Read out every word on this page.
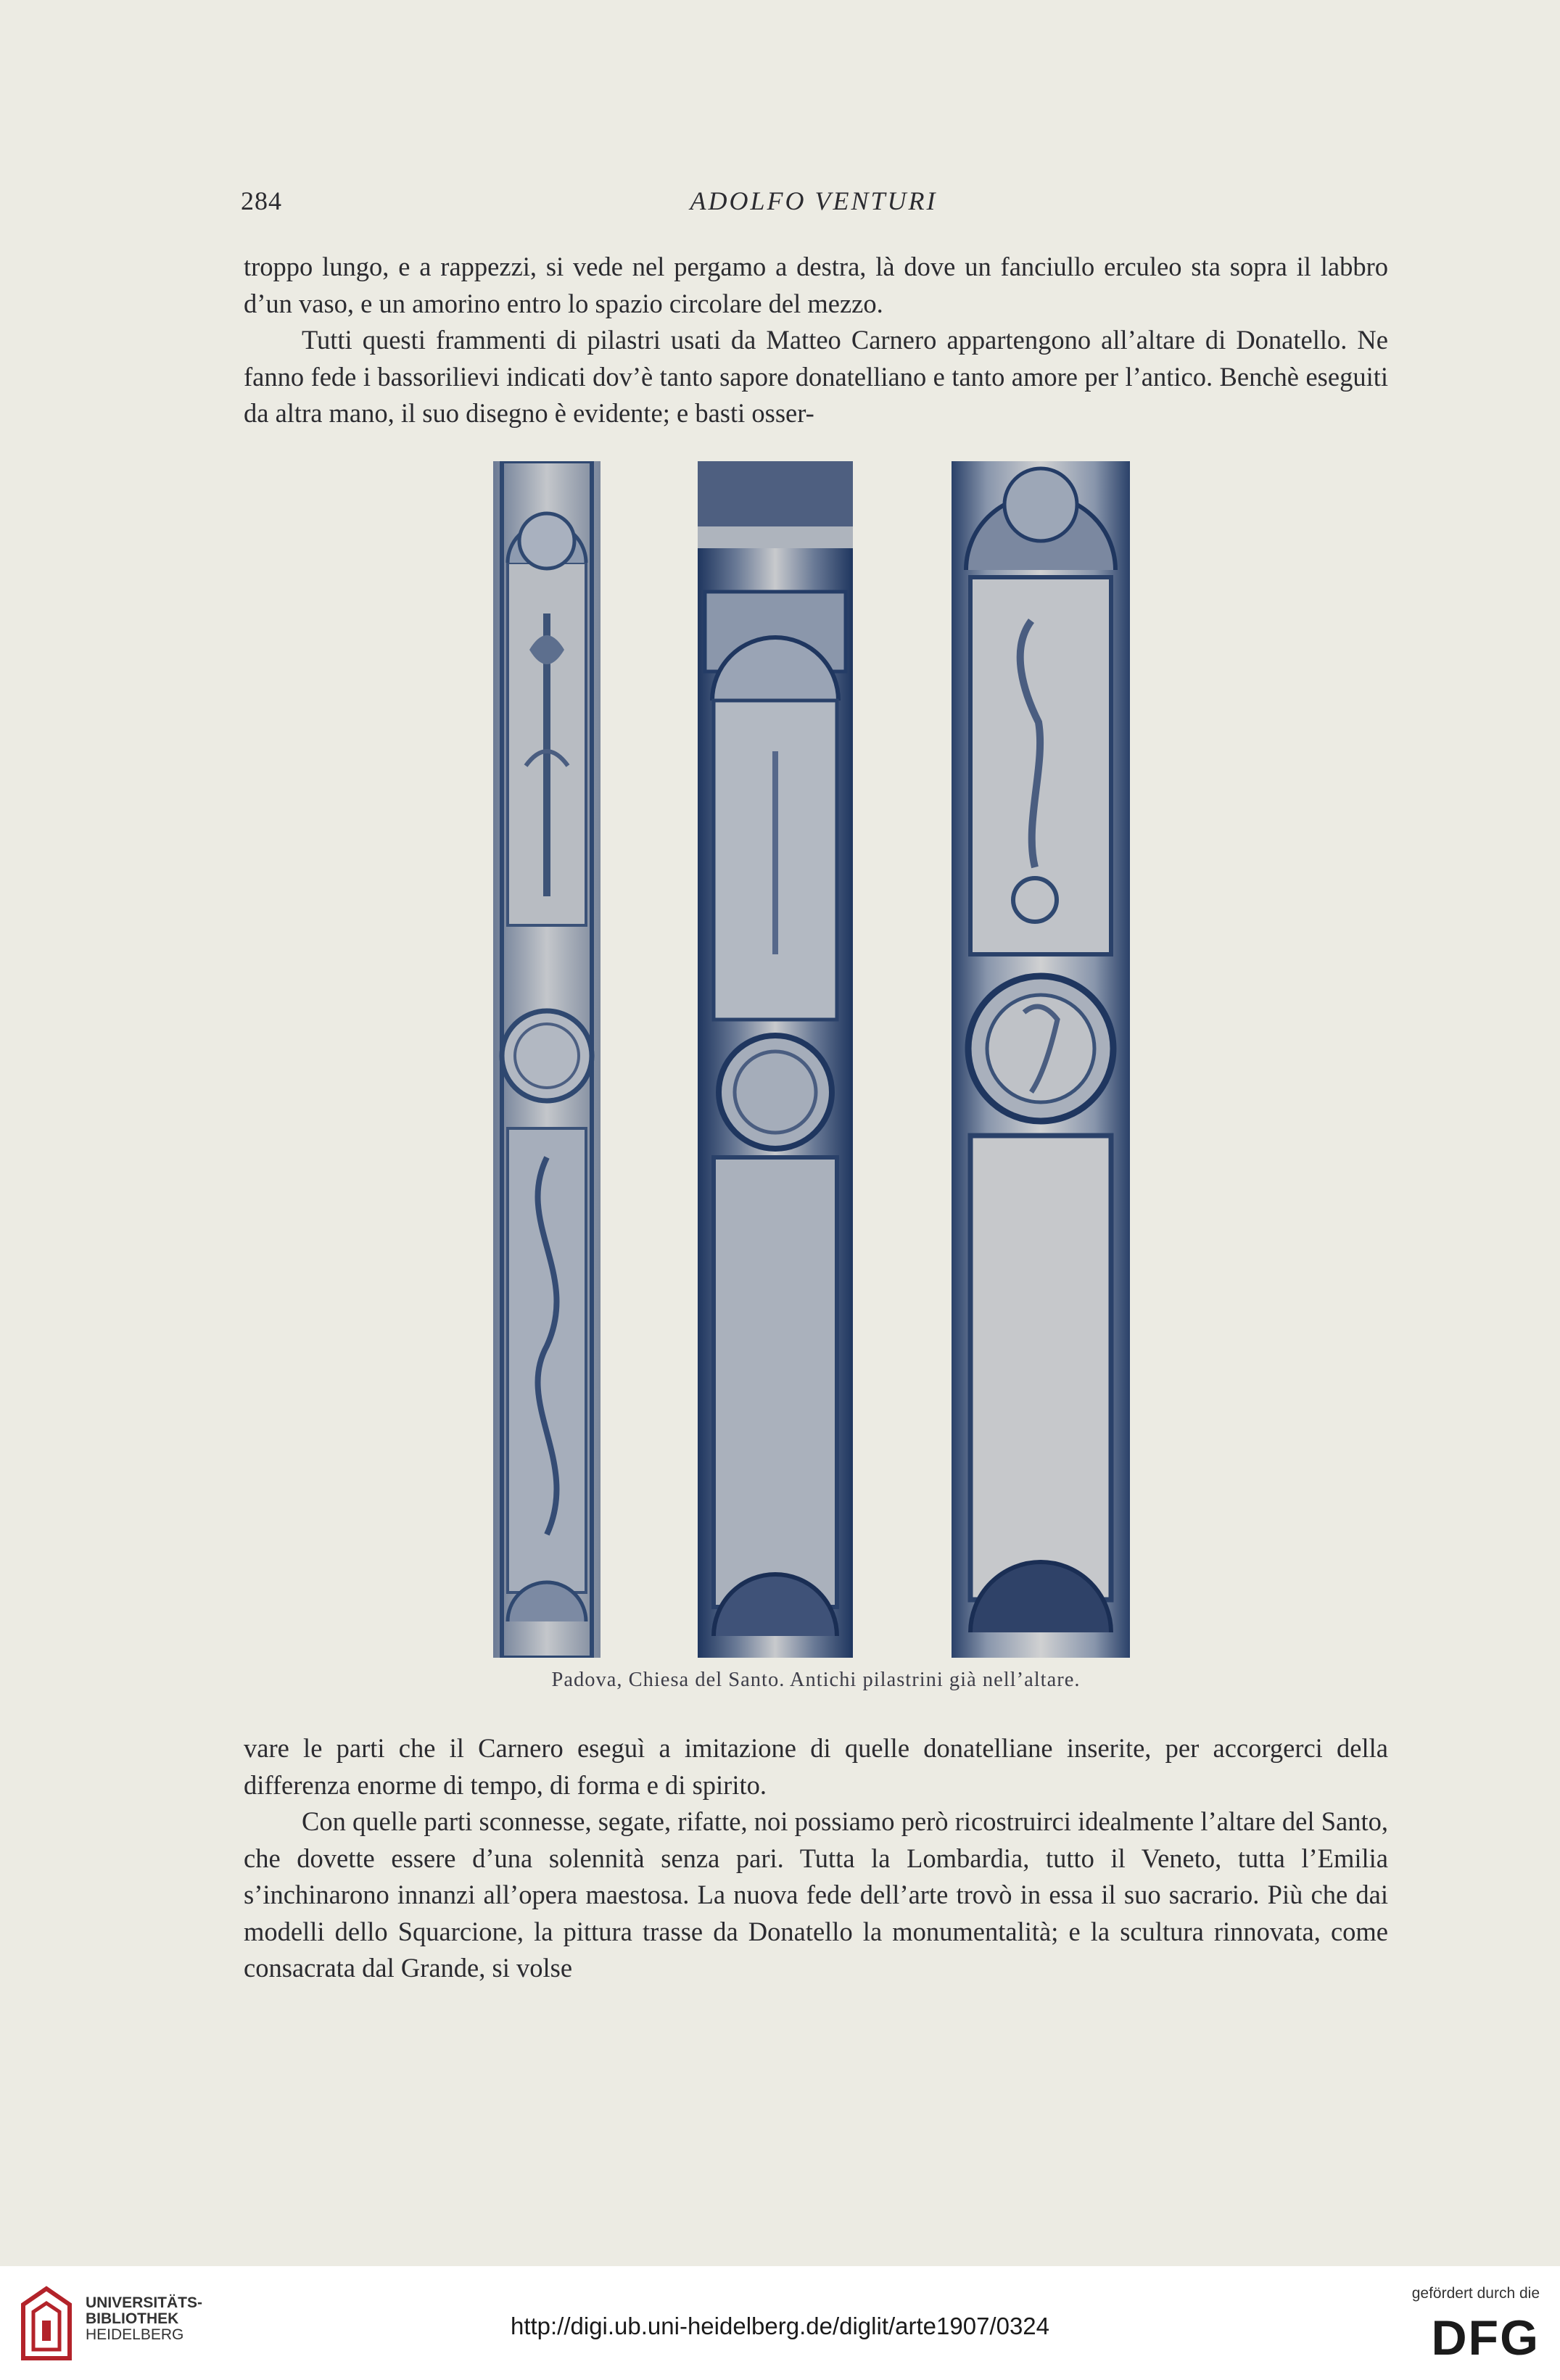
284	ADOLFO VENTURI

troppo lungo, e a rappezzi, si vede nel pergamo a destra, là dove un fanciullo erculeo sta sopra il labbro d’un vaso, e un amorino entro lo spazio circolare del mezzo.

Tutti questi frammenti di pilastri usati da Matteo Carnero appartengono all’altare di Donatello. Ne fanno fede i bassorilievi indicati dov’è tanto sapore donatelliano e tanto amore per l’antico. Benchè eseguiti da altra mano, il suo disegno è evidente; e basti osser-

Padova, Chiesa del Santo. Antichi pilastrini già nell’altare.

vare le parti che il Carnero eseguì a imitazione di quelle donatelliane inserite, per accorgerci della differenza enorme di tempo, di forma e di spirito.

Con quelle parti sconnesse, segate, rifatte, noi possiamo però ricostruirci idealmente l’altare del Santo, che dovette essere d’una solennità senza pari. Tutta la Lombardia, tutto il Veneto, tutta l’Emilia s’inchinarono innanzi all’opera maestosa. La nuova fede dell’arte trovò in essa il suo sacrario. Più che dai modelli dello Squarcione, la pittura trasse da Donatello la monumentalità; e la scultura rinnovata, come consacrata dal Grande, si volse

UNIVERSITÄTS-
BIBLIOTHEK
HEIDELBERG	http://digi.ub.uni-heidelberg.de/diglit/arte1907/0324
gefördert durch die
DFG
